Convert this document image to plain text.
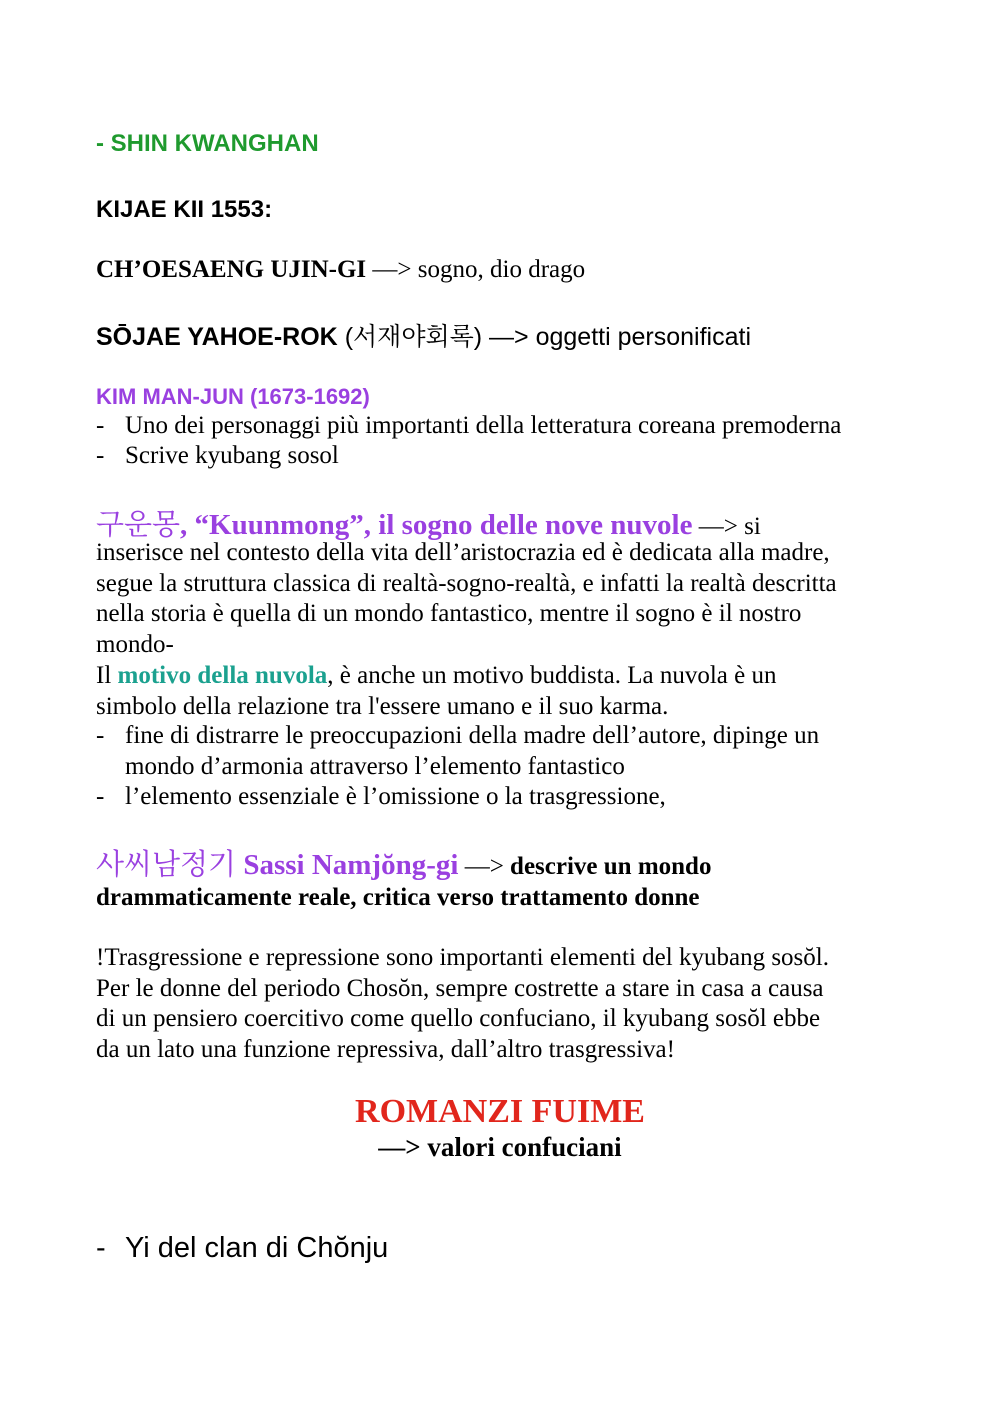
- SHIN KWANGHAN
KIJAE KII 1553:
CH’OESAENG UJIN-GI —> sogno, dio drago
SŌJAE YAHOE-ROK (서재야회록) —> oggetti personificati
KIM MAN-JUN (1673-1692)
- Uno dei personaggi più importanti della letteratura coreana premoderna
- Scrive kyubang sosol
구운몽, “Kuunmong”, il sogno delle nove nuvole —> si
inserisce nel contesto della vita dell’aristocrazia ed è dedicata alla madre,
segue la struttura classica di realtà-sogno-realtà, e infatti la realtà descritta
nella storia è quella di un mondo fantastico, mentre il sogno è il nostro
mondo-
Il motivo della nuvola, è anche un motivo buddista. La nuvola è un
simbolo della relazione tra l'essere umano e il suo karma.
- fine di distrarre le preoccupazioni della madre dell’autore, dipinge un
mondo d’armonia attraverso l’elemento fantastico
- l’elemento essenziale è l’omissione o la trasgressione,
사씨남정기 Sassi Namjŏng-gi —> descrive un mondo
drammaticamente reale, critica verso trattamento donne
!Trasgressione e repressione sono importanti elementi del kyubang sosŏl.
Per le donne del periodo Chosŏn, sempre costrette a stare in casa a causa
di un pensiero coercitivo come quello confuciano, il kyubang sosŏl ebbe
da un lato una funzione repressiva, dall’altro trasgressiva!
ROMANZI FUIME
—> valori confuciani
- Yi del clan di Chŏnju
